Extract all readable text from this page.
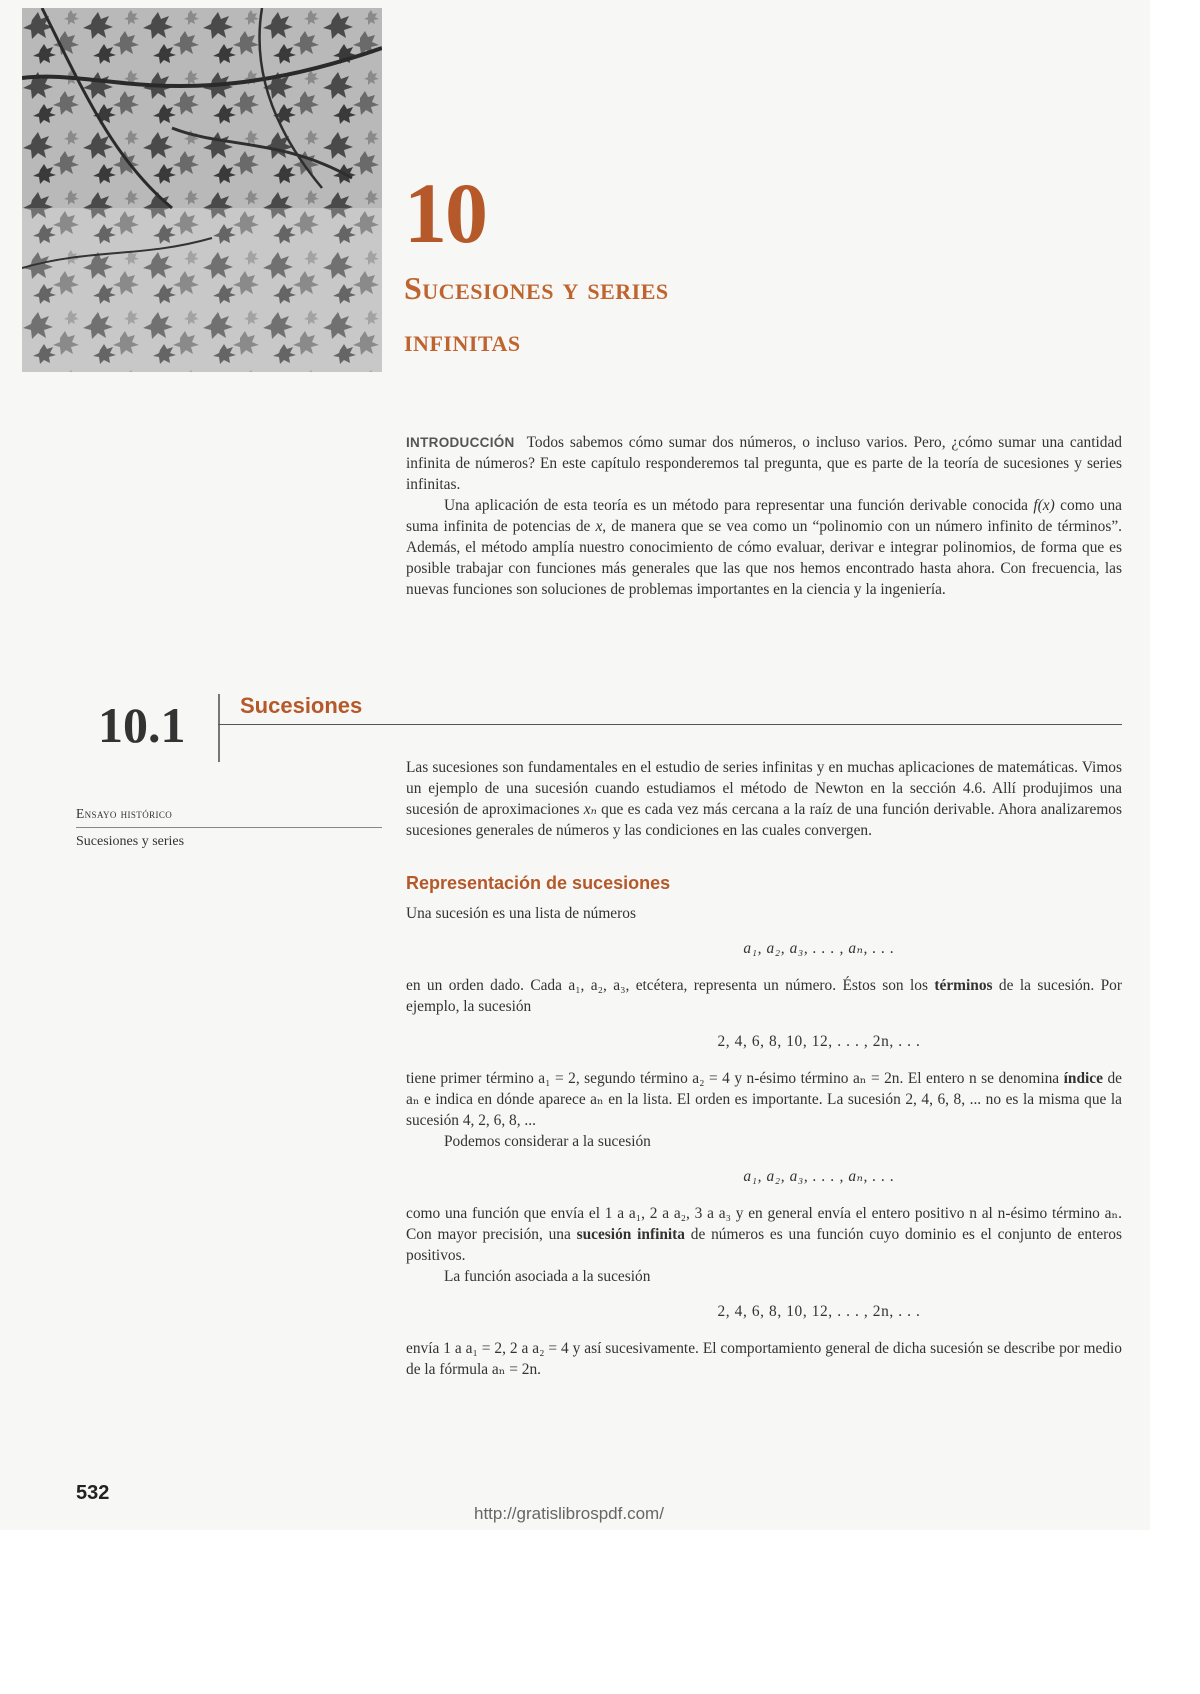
10
Sucesiones y series
infinitas

INTRODUCCIÓN Todos sabemos cómo sumar dos números, o incluso varios. Pero, ¿cómo sumar una cantidad infinita de números? En este capítulo responderemos tal pregunta, que es parte de la teoría de sucesiones y series infinitas.

Una aplicación de esta teoría es un método para representar una función derivable conocida f(x) como una suma infinita de potencias de x, de manera que se vea como un “polinomio con un número infinito de términos”. Además, el método amplía nuestro conocimiento de cómo evaluar, derivar e integrar polinomios, de forma que es posible trabajar con funciones más generales que las que nos hemos encontrado hasta ahora. Con frecuencia, las nuevas funciones son soluciones de problemas importantes en la ciencia y la ingeniería.

10.1 Sucesiones
Ensayo histórico
Sucesiones y series

Las sucesiones son fundamentales en el estudio de series infinitas y en muchas aplicaciones de matemáticas. Vimos un ejemplo de una sucesión cuando estudiamos el método de Newton en la sección 4.6. Allí produjimos una sucesión de aproximaciones xₙ que es cada vez más cercana a la raíz de una función derivable. Ahora analizaremos sucesiones generales de números y las condiciones en las cuales convergen.

Representación de sucesiones

Una sucesión es una lista de números

a₁, a₂, a₃, . . . , aₙ, . . .

en un orden dado. Cada a₁, a₂, a₃, etcétera, representa un número. Éstos son los términos de la sucesión. Por ejemplo, la sucesión

2, 4, 6, 8, 10, 12, . . . , 2n, . . .

tiene primer término a₁ = 2, segundo término a₂ = 4 y n-ésimo término aₙ = 2n. El entero n se denomina índice de aₙ e indica en dónde aparece aₙ en la lista. El orden es importante. La sucesión 2, 4, 6, 8, ... no es la misma que la sucesión 4, 2, 6, 8, ...

Podemos considerar a la sucesión

a₁, a₂, a₃, . . . , aₙ, . . .

como una función que envía el 1 a a₁, 2 a a₂, 3 a a₃ y en general envía el entero positivo n al n-ésimo término aₙ. Con mayor precisión, una sucesión infinita de números es una función cuyo dominio es el conjunto de enteros positivos.

La función asociada a la sucesión

2, 4, 6, 8, 10, 12, . . . , 2n, . . .

envía 1 a a₁ = 2, 2 a a₂ = 4 y así sucesivamente. El comportamiento general de dicha sucesión se describe por medio de la fórmula aₙ = 2n.

532
http://gratislibrospdf.com/
